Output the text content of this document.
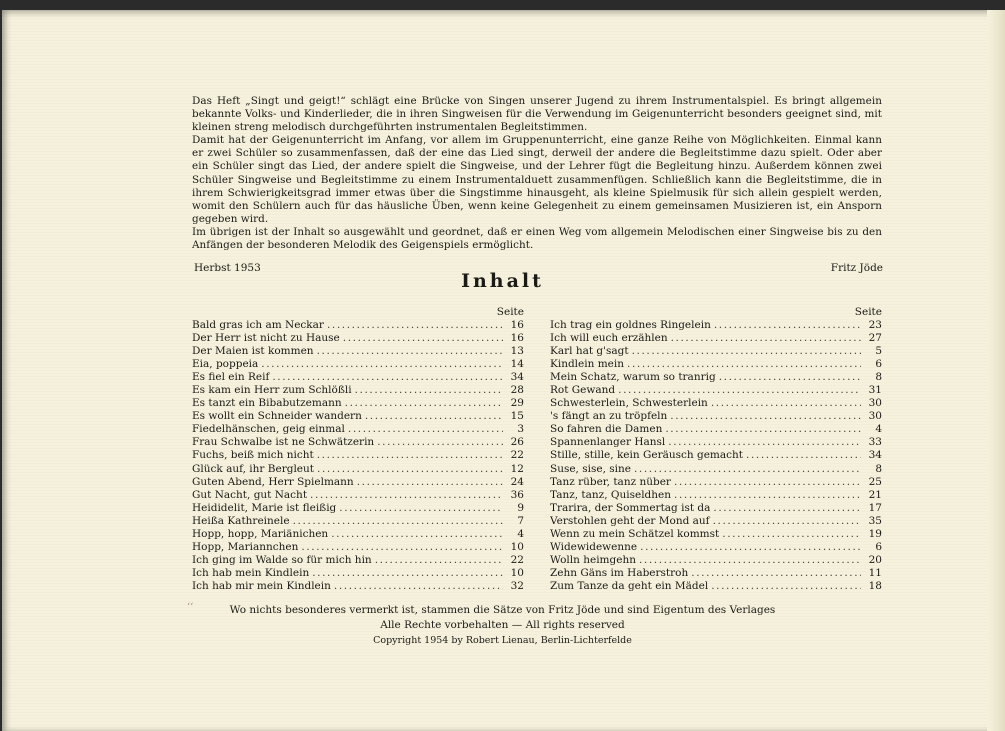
Das Heft „Singt und geigt!“ schlägt eine Brücke von Singen unserer Jugend zu ihrem Instrumentalspiel. Es bringt allgemein bekannte Volks- und Kinderlieder, die in ihren Singweisen für die Verwendung im Geigenunterricht besonders geeignet sind, mit kleinen streng melodisch durchgeführten instrumentalen Begleitstimmen.

Damit hat der Geigenunterricht im Anfang, vor allem im Gruppenunterricht, eine ganze Reihe von Möglichkeiten. Einmal kann er zwei Schüler so zusammenfassen, daß der eine das Lied singt, derweil der andere die Begleitstimme dazu spielt. Oder aber ein Schüler singt das Lied, der andere spielt die Singweise, und der Lehrer fügt die Begleitung hinzu. Außerdem können zwei Schüler Singweise und Begleitstimme zu einem Instrumentalduett zusammenfügen. Schließlich kann die Begleitstimme, die in ihrem Schwierigkeitsgrad immer etwas über die Singstimme hinausgeht, als kleine Spielmusik für sich allein gespielt werden, womit den Schülern auch für das häusliche Üben, wenn keine Gelegenheit zu einem gemeinsamen Musizieren ist, ein Ansporn gegeben wird.

Im übrigen ist der Inhalt so ausgewählt und geordnet, daß er einen Weg vom allgemein Melodischen einer Singweise bis zu den Anfängen der besonderen Melodik des Geigenspiels ermöglicht.

Herbst 1953	Fritz Jöde
Inhalt
Seite
Bald gras ich am Neckar .....	16
Der Herr ist nicht zu Hause .....	16
Der Maien ist kommen .....	13
Eia, poppeia .....	14
Es fiel ein Reif .....	34
Es kam ein Herr zum Schlößli .....	28
Es tanzt ein Bibabutzemann .....	29
Es wollt ein Schneider wandern .....	15
Fiedelhänschen, geig einmal .....	3
Frau Schwalbe ist ne Schwätzerin .....	26
Fuchs, beiß mich nicht .....	22
Glück auf, ihr Bergleut .....	12
Guten Abend, Herr Spielmann .....	24
Gut Nacht, gut Nacht .....	36
Heididelit, Marie ist fleißig .....	9
Heißa Kathreinele .....	7
Hopp, hopp, Mariänichen .....	4
Hopp, Mariannchen .....	10
Ich ging im Walde so für mich hin .....	22
Ich hab mein Kindlein .....	10
Ich hab mir mein Kindlein .....	32
Seite
Ich trag ein goldnes Ringelein .....	23
Ich will euch erzählen .....	27
Karl hat g'sagt .....	5
Kindlein mein .....	6
Mein Schatz, warum so tranrig .....	8
Rot Gewand .....	31
Schwesterlein, Schwesterlein .....	30
's fängt an zu tröpfeln .....	30
So fahren die Damen .....	4
Spannenlanger Hansl .....	33
Stille, stille, kein Geräusch gemacht .....	34
Suse, sise, sine .....	8
Tanz rüber, tanz nüber .....	25
Tanz, tanz, Quiseldhen .....	21
Trarira, der Sommertag ist da .....	17
Verstohlen geht der Mond auf .....	35
Wenn zu mein Schätzel kommst .....	19
Widewidewenne .....	6
Wolln heimgehn .....	20
Zehn Gäns im Haberstroh .....	11
Zum Tanze da geht ein Mädel .....	18
‘‘	Wo nichts besonderes vermerkt ist, stammen die Sätze von Fritz Jöde und sind Eigentum des Verlages
Alle Rechte vorbehalten — All rights reserved
Copyright 1954 by Robert Lienau, Berlin-Lichterfelde
